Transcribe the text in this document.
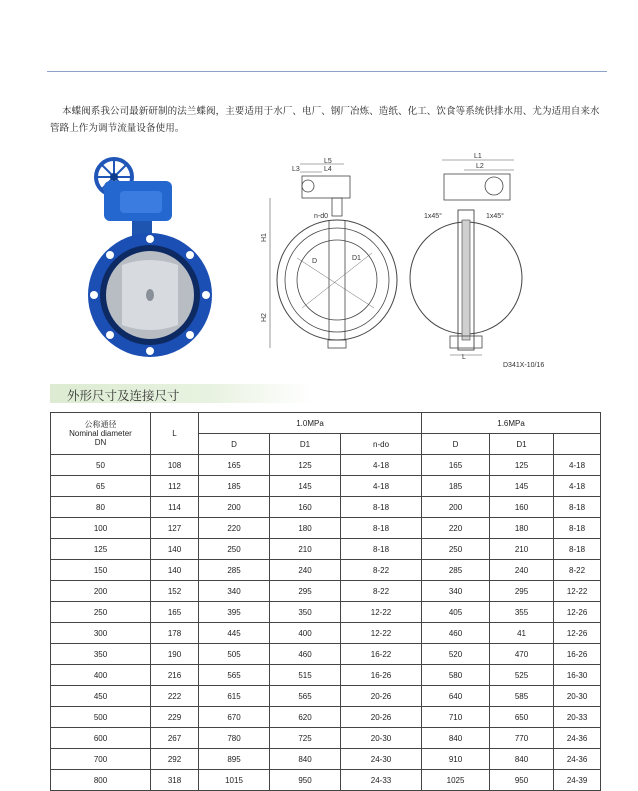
本蝶阀系我公司最新研制的法兰蝶阀，主要适用于水厂、电厂、钢厂冶炼、造纸、化工、饮食等系统供排水用、尤为适用自来水管路上作为调节流量设备使用。
L5
L3	L4
n-d0
D	D1
H1
H2
L1
L2
1x45°	1x45°
L
D341X-10/16
外形尺寸及连接尺寸
公称通径
Nominal diameter
DN	L	1.0MPa			1.6MPa		
		D	D1	n-do	D	D1	
50	108	165	125	4-18	165	125	4-18
65	112	185	145	4-18	185	145	4-18
80	114	200	160	8-18	200	160	8-18
100	127	220	180	8-18	220	180	8-18
125	140	250	210	8-18	250	210	8-18
150	140	285	240	8-22	285	240	8-22
200	152	340	295	8-22	340	295	12-22
250	165	395	350	12-22	405	355	12-26
300	178	445	400	12-22	460	41	12-26
350	190	505	460	16-22	520	470	16-26
400	216	565	515	16-26	580	525	16-30
450	222	615	565	20-26	640	585	20-30
500	229	670	620	20-26	710	650	20-33
600	267	780	725	20-30	840	770	24-36
700	292	895	840	24-30	910	840	24-36
800	318	1015	950	24-33	1025	950	24-39
